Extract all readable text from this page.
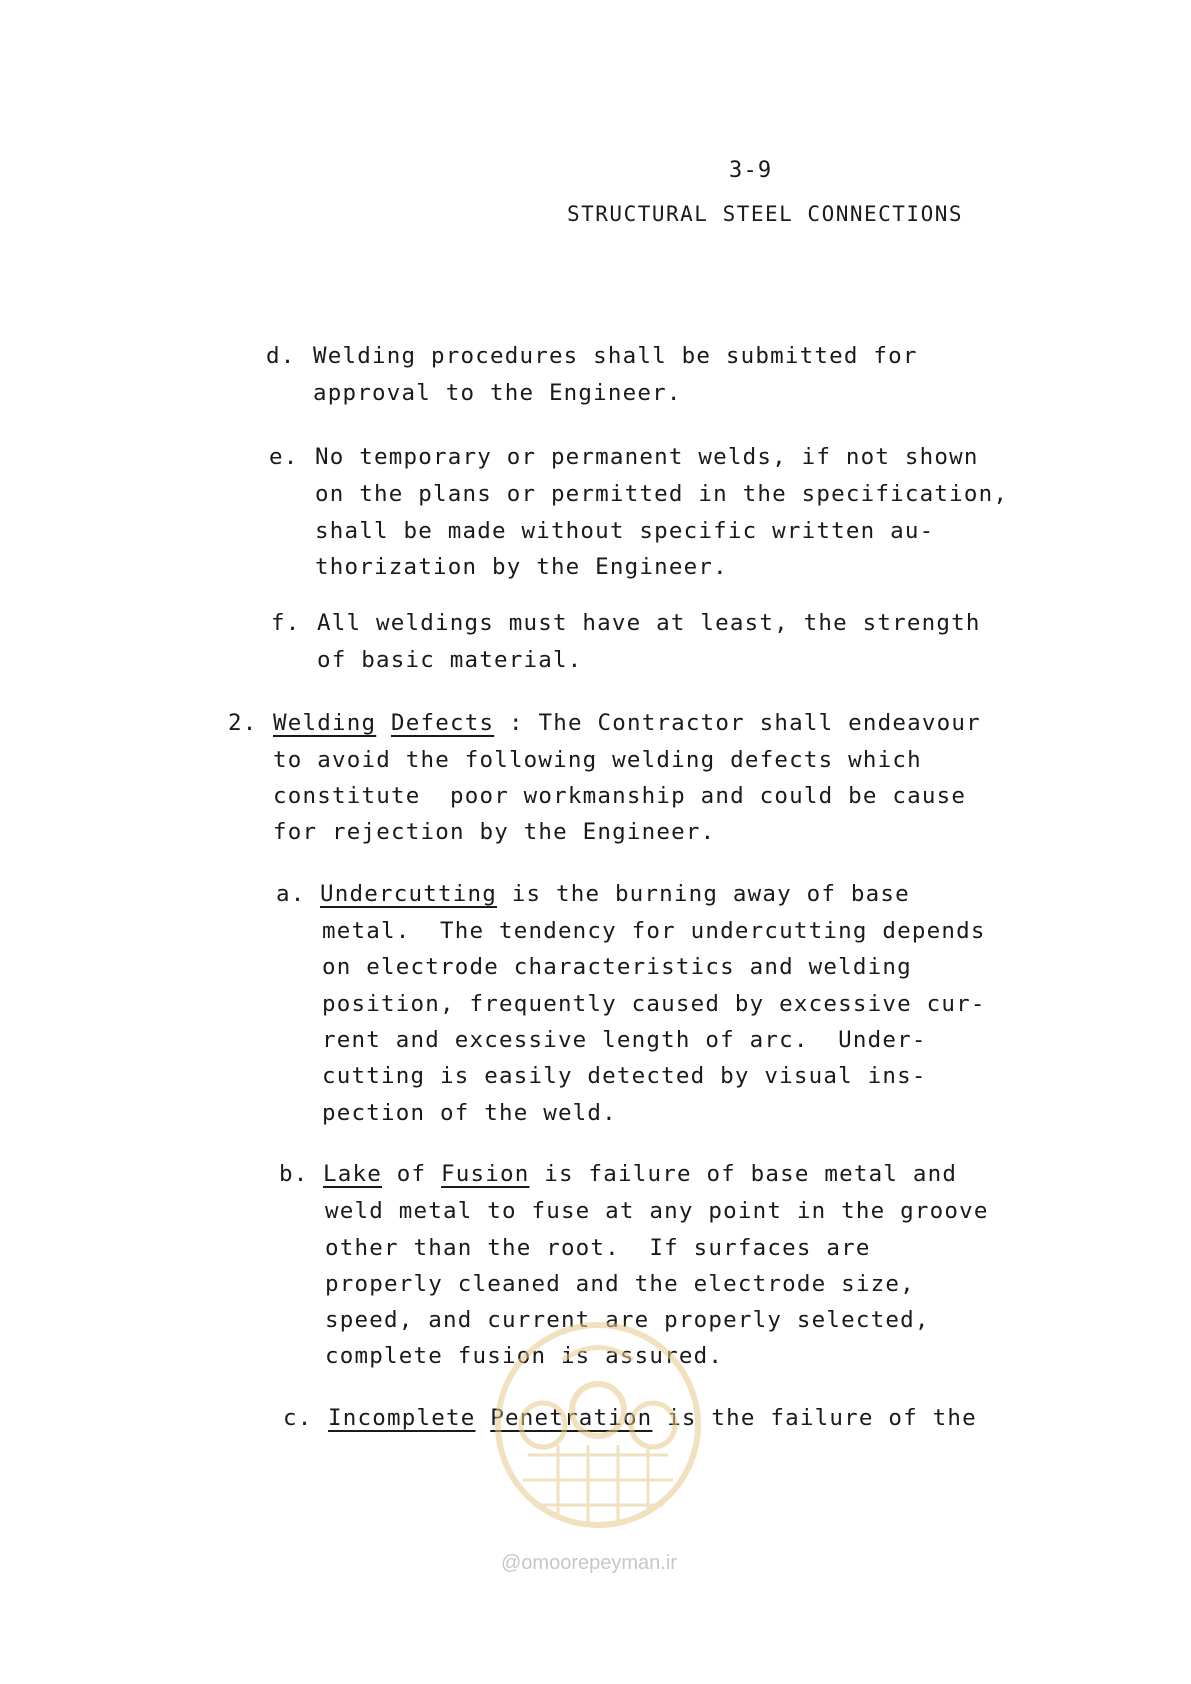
3-9
STRUCTURAL STEEL CONNECTIONS
d. Welding procedures shall be submitted for
approval to the Engineer.
e. No temporary or permanent welds, if not shown
on the plans or permitted in the specification,
shall be made without specific written au-
thorization by the Engineer.
f. All weldings must have at least, the strength
of basic material.
2. Welding Defects : The Contractor shall endeavour
to avoid the following welding defects which
constitute  poor workmanship and could be cause
for rejection by the Engineer.
a. Undercutting is the burning away of base
metal.  The tendency for undercutting depends
on electrode characteristics and welding
position, frequently caused by excessive cur-
rent and excessive length of arc.  Under-
cutting is easily detected by visual ins-
pection of the weld.
b. Lake of Fusion is failure of base metal and
weld metal to fuse at any point in the groove
other than the root.  If surfaces are
properly cleaned and the electrode size,
speed, and current are properly selected,
complete fusion is assured.
c. Incomplete Penetration is the failure of the
@omoorepeyman.ir
